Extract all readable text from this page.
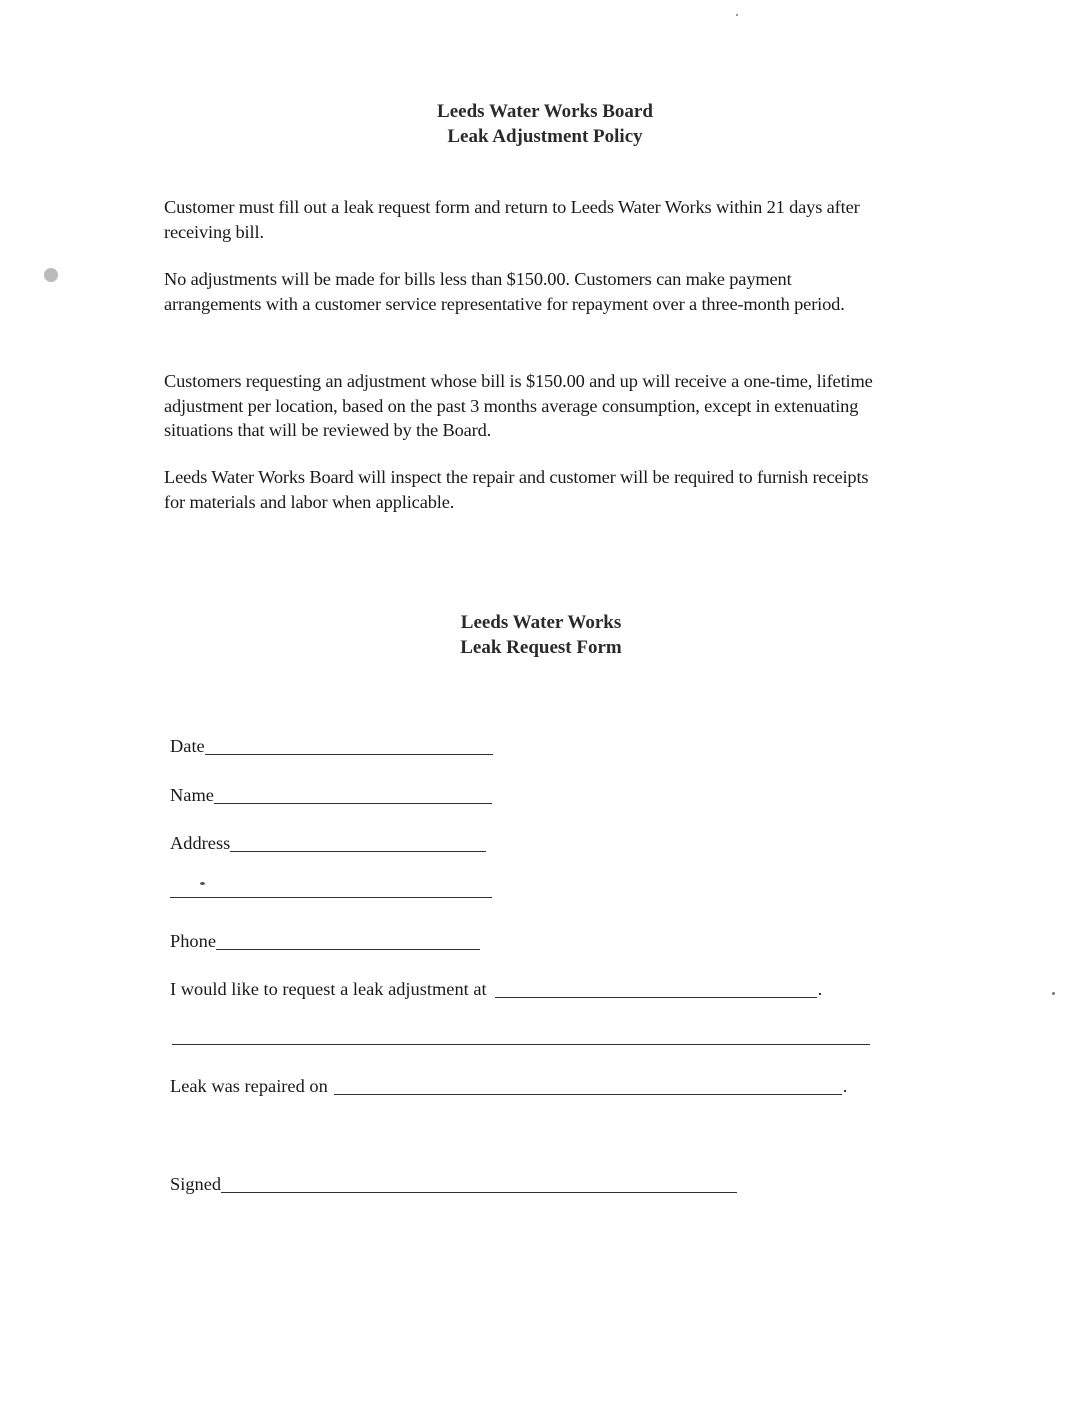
Leeds Water Works Board
Leak Adjustment Policy

Customer must fill out a leak request form and return to Leeds Water Works within 21 days after receiving bill.

No adjustments will be made for bills less than $150.00. Customers can make payment arrangements with a customer service representative for repayment over a three-month period.

Customers requesting an adjustment whose bill is $150.00 and up will receive a one-time, lifetime adjustment per location, based on the past 3 months average consumption, except in extenuating situations that will be reviewed by the Board.

Leeds Water Works Board will inspect the repair and customer will be required to furnish receipts for materials and labor when applicable.

Leeds Water Works
Leak Request Form
Date
Name
Address
Phone
I would like to request a leak adjustment at	.
Leak was repaired on	.
Signed
